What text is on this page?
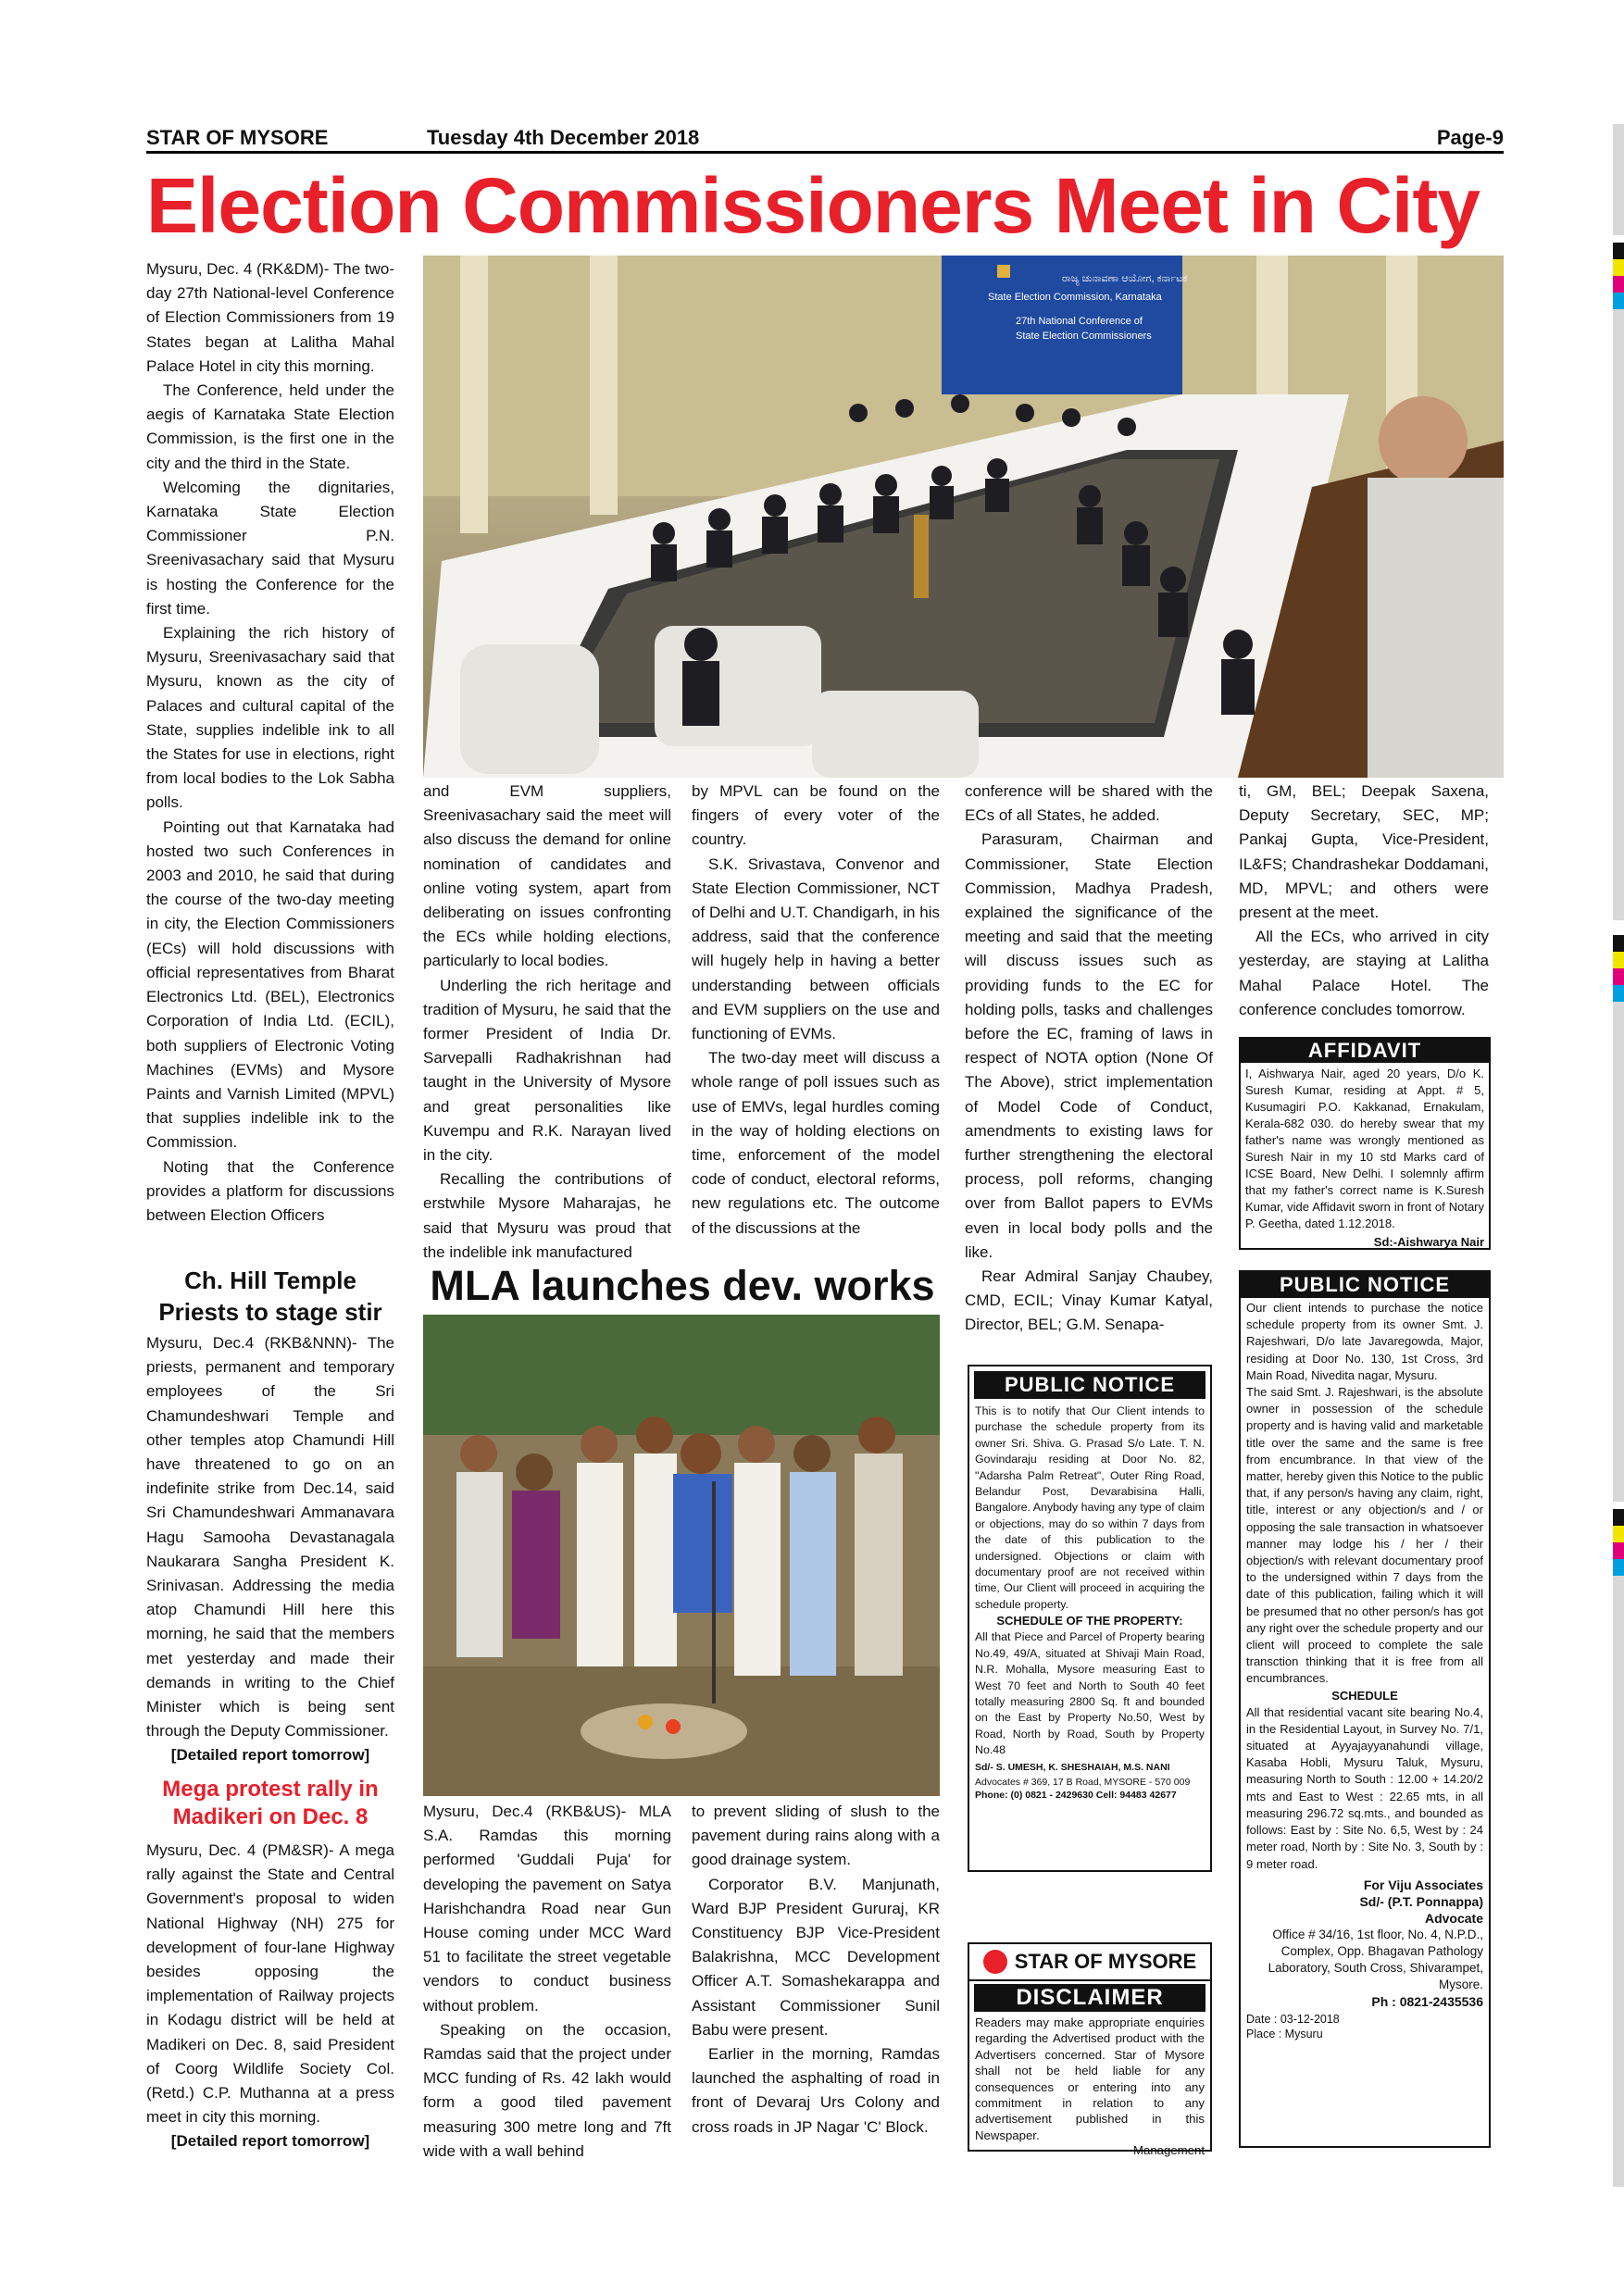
STAR OF MYSORE	Tuesday 4th December 2018	Page-9
Election Commissioners Meet in City

Mysuru, Dec. 4 (RK&DM)- The two-day 27th National-level Conference of Election Commissioners from 19 States began at Lalitha Mahal Palace Hotel in city this morning.

The Conference, held under the aegis of Karnataka State Election Commission, is the first one in the city and the third in the State.

Welcoming the dignitaries, Karnataka State Election Commissioner P.N. Sreenivasachary said that Mysuru is hosting the Conference for the first time.

Explaining the rich history of Mysuru, Sreenivasachary said that Mysuru, known as the city of Palaces and cultural capital of the State, supplies indelible ink to all the States for use in elections, right from local bodies to the Lok Sabha polls.

Pointing out that Karnataka had hosted two such Conferences in 2003 and 2010, he said that during the course of the two-day meeting in city, the Election Commissioners (ECs) will hold discussions with official representatives from Bharat Electronics Ltd. (BEL), Electronics Corporation of India Ltd. (ECIL), both suppliers of Electronic Voting Machines (EVMs) and Mysore Paints and Varnish Limited (MPVL) that supplies indelible ink to the Commission.

Noting that the Conference provides a platform for discussions between Election Officers

ರಾಜ್ಯ ಚುನಾವಣಾ ಆಯೋಗ, ಕರ್ನಾಟಕ
State Election Commission, Karnataka
27th National Conference of
State Election Commissioners

and EVM suppliers, Sreenivasachary said the meet will also discuss the demand for online nomination of candidates and online voting system, apart from deliberating on issues confronting the ECs while holding elections, particularly to local bodies.

Underling the rich heritage and tradition of Mysuru, he said that the former President of India Dr. Sarvepalli Radhakrishnan had taught in the University of Mysore and great personalities like Kuvempu and R.K. Narayan lived in the city.

Recalling the contributions of erstwhile Mysore Maharajas, he said that Mysuru was proud that the indelible ink manufactured

by MPVL can be found on the fingers of every voter of the country.

S.K. Srivastava, Convenor and State Election Commissioner, NCT of Delhi and U.T. Chandigarh, in his address, said that the conference will hugely help in having a better understanding between officials and EVM suppliers on the use and functioning of EVMs.

The two-day meet will discuss a whole range of poll issues such as use of EMVs, legal hurdles coming in the way of holding elections on time, enforcement of the model code of conduct, electoral reforms, new regulations etc. The outcome of the discussions at the

conference will be shared with the ECs of all States, he added.

Parasuram, Chairman and Commissioner, State Election Commission, Madhya Pradesh, explained the significance of the meeting and said that the meeting will discuss issues such as providing funds to the EC for holding polls, tasks and challenges before the EC, framing of laws in respect of NOTA option (None Of The Above), strict implementation of Model Code of Conduct, amendments to existing laws for further strengthening the electoral process, poll reforms, changing over from Ballot papers to EVMs even in local body polls and the like.

Rear Admiral Sanjay Chaubey, CMD, ECIL; Vinay Kumar Katyal, Director, BEL; G.M. Senapa-

ti, GM, BEL; Deepak Saxena, Deputy Secretary, SEC, MP; Pankaj Gupta, Vice-President, IL&FS; Chandrashekar Doddamani, MD, MPVL; and others were present at the meet.

All the ECs, who arrived in city yesterday, are staying at Lalitha Mahal Palace Hotel. The conference concludes tomorrow.

Ch. Hill Temple
Priests to stage stir

Mysuru, Dec.4 (RKB&NNN)- The priests, permanent and temporary employees of the Sri Chamundeshwari Temple and other temples atop Chamundi Hill have threatened to go on an indefinite strike from Dec.14, said Sri Chamundeshwari Ammanavara Hagu Samooha Devastanagala Naukarara Sangha President K. Srinivasan. Addressing the media atop Chamundi Hill here this morning, he said that the members met yesterday and made their demands in writing to the Chief Minister which is being sent through the Deputy Commissioner.

[Detailed report tomorrow]
Mega protest rally in
Madikeri on Dec. 8

Mysuru, Dec. 4 (PM&SR)- A mega rally against the State and Central Government's proposal to widen National Highway (NH) 275 for development of four-lane Highway besides opposing the implementation of Railway projects in Kodagu district will be held at Madikeri on Dec. 8, said President of Coorg Wildlife Society Col. (Retd.) C.P. Muthanna at a press meet in city this morning.

[Detailed report tomorrow]
MLA launches dev. works

Mysuru, Dec.4 (RKB&US)- MLA S.A. Ramdas this morning performed 'Guddali Puja' for developing the pavement on Satya Harishchandra Road near Gun House coming under MCC Ward 51 to facilitate the street vegetable vendors to conduct business without problem.

Speaking on the occasion, Ramdas said that the project under MCC funding of Rs. 42 lakh would form a good tiled pavement measuring 300 metre long and 7ft wide with a wall behind

to prevent sliding of slush to the pavement during rains along with a good drainage system.

Corporator B.V. Manjunath, Ward BJP President Gururaj, KR Constituency BJP Vice-President Balakrishna, MCC Development Officer A.T. Somashekarappa and Assistant Commissioner Sunil Babu were present.

Earlier in the morning, Ramdas launched the asphalting of road in front of Devaraj Urs Colony and cross roads in JP Nagar 'C' Block.

AFFIDAVIT
I, Aishwarya Nair, aged 20 years, D/o K. Suresh Kumar, residing at Appt. # 5, Kusumagiri P.O. Kakkanad, Ernakulam, Kerala-682 030. do hereby swear that my father's name was wrongly mentioned as Suresh Nair in my 10 std Marks card of ICSE Board, New Delhi. I solemnly affirm that my father's correct name is K.Suresh Kumar, vide Affidavit sworn in front of Notary P. Geetha, dated 1.12.2018.
Sd:-Aishwarya Nair
PUBLIC NOTICE
This is to notify that Our Client intends to purchase the schedule property from its owner Sri. Shiva. G. Prasad S/o Late. T. N. Govindaraju residing at Door No. 82, "Adarsha Palm Retreat", Outer Ring Road, Belandur Post, Devarabisina Halli, Bangalore. Anybody having any type of claim or objections, may do so within 7 days from the date of this publication to the undersigned. Objections or claim with documentary proof are not received within time, Our Client will proceed in acquiring the schedule property.
SCHEDULE OF THE PROPERTY:
All that Piece and Parcel of Property bearing No.49, 49/A, situated at Shivaji Main Road, N.R. Mohalla, Mysore measuring East to West 70 feet and North to South 40 feet totally measuring 2800 Sq. ft and bounded on the East by Property No.50, West by Road, North by Road, South by Property No.48
Sd/- S. UMESH, K. SHESHAIAH, M.S. NANI
Advocates # 369, 17 B Road, MYSORE - 570 009
Phone: (0) 0821 - 2429630 Cell: 94483 42677
STAR OF MYSORE
DISCLAIMER
Readers may make appropriate enquiries regarding the Advertised product with the Advertisers concerned. Star of Mysore shall not be held liable for any consequences or entering into any commitment in relation to any advertisement published in this Newspaper.
— Management
PUBLIC NOTICE
Our client intends to purchase the notice schedule property from its owner Smt. J. Rajeshwari, D/o late Javaregowda, Major, residing at Door No. 130, 1st Cross, 3rd Main Road, Nivedita nagar, Mysuru.
The said Smt. J. Rajeshwari, is the absolute owner in possession of the schedule property and is having valid and marketable title over the same and the same is free from encumbrance. In that view of the matter, hereby given this Notice to the public that, if any person/s having any claim, right, title, interest or any objection/s and / or opposing the sale transaction in whatsoever manner may lodge his / her / their objection/s with relevant documentary proof to the undersigned within 7 days from the date of this publication, failing which it will be presumed that no other person/s has got any right over the schedule property and our client will proceed to complete the sale transction thinking that it is free from all encumbrances.
SCHEDULE
All that residential vacant site bearing No.4, in the Residential Layout, in Survey No. 7/1, situated at Ayyajayyanahundi village, Kasaba Hobli, Mysuru Taluk, Mysuru, measuring North to South : 12.00 + 14.20/2 mts and East to West : 22.65 mts, in all measuring 296.72 sq.mts., and bounded as follows: East by : Site No. 6,5, West by : 24 meter road, North by : Site No. 3, South by : 9 meter road.
For Viju Associates
Sd/- (P.T. Ponnappa)
Advocate
Office # 34/16, 1st floor, No. 4, N.P.D., Complex, Opp. Bhagavan Pathology Laboratory, South Cross, Shivarampet, Mysore.
Ph : 0821-2435536
Date : 03-12-2018
Place : Mysuru
